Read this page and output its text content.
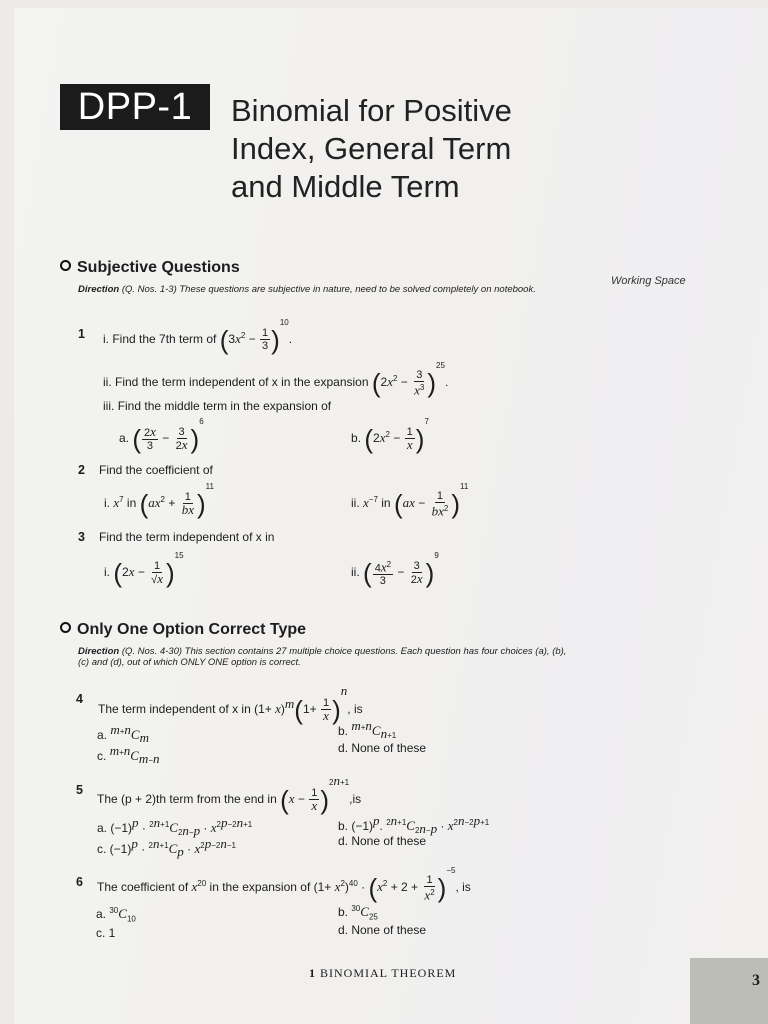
DPP-1	Binomial for Positive
Index, General Term
and Middle Term
Working Space
Subjective Questions
Direction (Q. Nos. 1-3) These questions are subjective in nature, need to be solved completely on notebook.
1 i. Find the 7th term of $(3x^2 - \frac{1}{3} )^{10}$.
ii. Find the term independent of x in the expansion $(2x^2 - \frac{3}{x^3} )^{25}$.
iii. Find the middle term in the expansion of
a. ( $\frac{2x}{3} - \frac{3}{2x} )^6$
b. $(2x^2 - \frac{1}{x} )^7$
2 Find the coefficient of
i. $x^7$ in $(ax^2 + \frac{1}{bx} )^{11}$
ii. $x^{-7}$ in $(ax - \frac{1}{bx^2} )^{11}$
3 Find the term independent of x in
i. $(2x - \frac{1}{√x} )^{15}$
ii. ( $\frac{4x^2}{3} - \frac{3}{2x} )^9$
Only One Option Correct Type
Direction (Q. Nos. 4-30) This section contains 27 multiple choice questions. Each question has four choices (a), (b), (c) and (d), out of which ONLY ONE option is correct.
4
The term independent of x in $(1+ x)^m(1+ \frac{1}{x} )^n$, is
a. $^{m+n}C_m$	b. $^{m+n}C_{n+1}$
c. $^{m+n}C_{m-n}$
d. None of these
5
The (p + 2)th term from the end in $(x - \frac{1}{x} )^{2n+1},is$
a. $(-1)^p \cdot ^{2n+1}C_{2n-p} \cdot x^{2p-2n+1}$	b. $(-1)^p$. $^{2n+1}C_{2n-p} \cdot x^{2n-2p+1}$
c. $(-1)^p \cdot ^{2n+1}C_p \cdot x^{2p-2n-1}$	d. None of these
6 The coefficient of $x^{20}$ in the expansion of $(1+ x^2)^{40} \cdot (x^2 + 2 + \frac{1}{x^2} )^{-5}$, is
a. $^{30}C_{10}$	b. $^{30}C_{25}$
c. 1	d. None of these
1 BINOMIAL THEOREM	3
